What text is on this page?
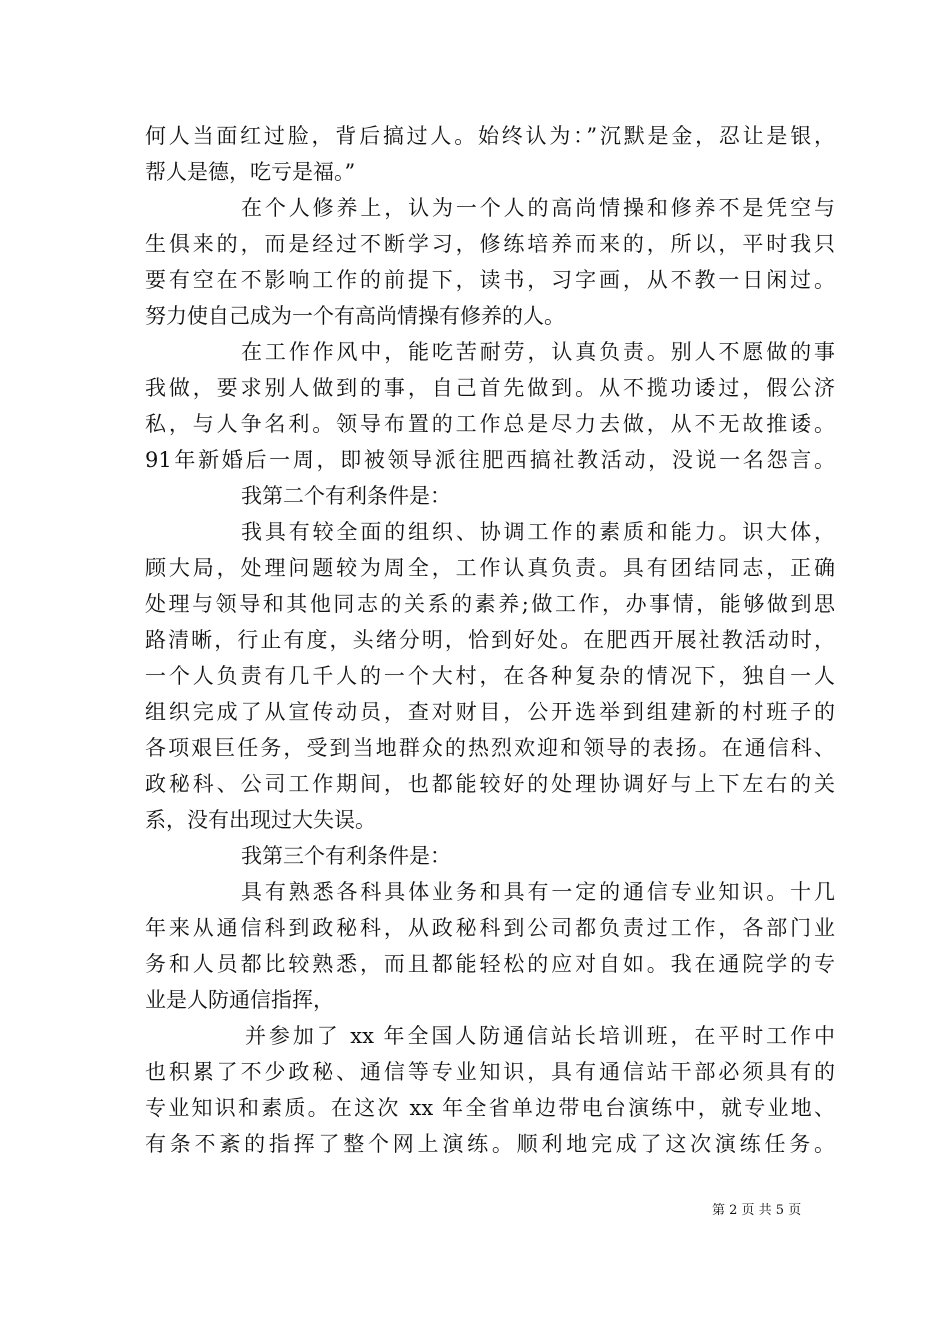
何人当面红过脸，背后搞过人。始终认为：”沉默是金，忍让是银，
帮人是德，吃亏是福。”
在个人修养上，认为一个人的高尚情操和修养不是凭空与
生俱来的，而是经过不断学习，修练培养而来的，所以，平时我只
要有空在不影响工作的前提下，读书，习字画，从不教一日闲过。
努力使自己成为一个有高尚情操有修养的人。
在工作作风中，能吃苦耐劳，认真负责。别人不愿做的事
我做，要求别人做到的事，自己首先做到。从不揽功诿过，假公济
私，与人争名利。领导布置的工作总是尽力去做，从不无故推诿。
91年新婚后一周，即被领导派往肥西搞社教活动，没说一名怨言。
我第二个有利条件是：
我具有较全面的组织、协调工作的素质和能力。识大体，
顾大局，处理问题较为周全，工作认真负责。具有团结同志，正确
处理与领导和其他同志的关系的素养;做工作，办事情，能够做到思
路清晰，行止有度，头绪分明，恰到好处。在肥西开展社教活动时，
一个人负责有几千人的一个大村，在各种复杂的情况下，独自一人
组织完成了从宣传动员，查对财目，公开选举到组建新的村班子的
各项艰巨任务，受到当地群众的热烈欢迎和领导的表扬。在通信科、
政秘科、公司工作期间，也都能较好的处理协调好与上下左右的关
系，没有出现过大失误。
我第三个有利条件是：
具有熟悉各科具体业务和具有一定的通信专业知识。十几
年来从通信科到政秘科，从政秘科到公司都负责过工作，各部门业
务和人员都比较熟悉，而且都能轻松的应对自如。我在通院学的专
业是人防通信指挥，
并参加了 xx 年全国人防通信站长培训班，在平时工作中
也积累了不少政秘、通信等专业知识，具有通信站干部必须具有的
专业知识和素质。在这次 xx 年全省单边带电台演练中，就专业地、
有条不紊的指挥了整个网上演练。顺利地完成了这次演练任务。
第 2 页 共 5 页
